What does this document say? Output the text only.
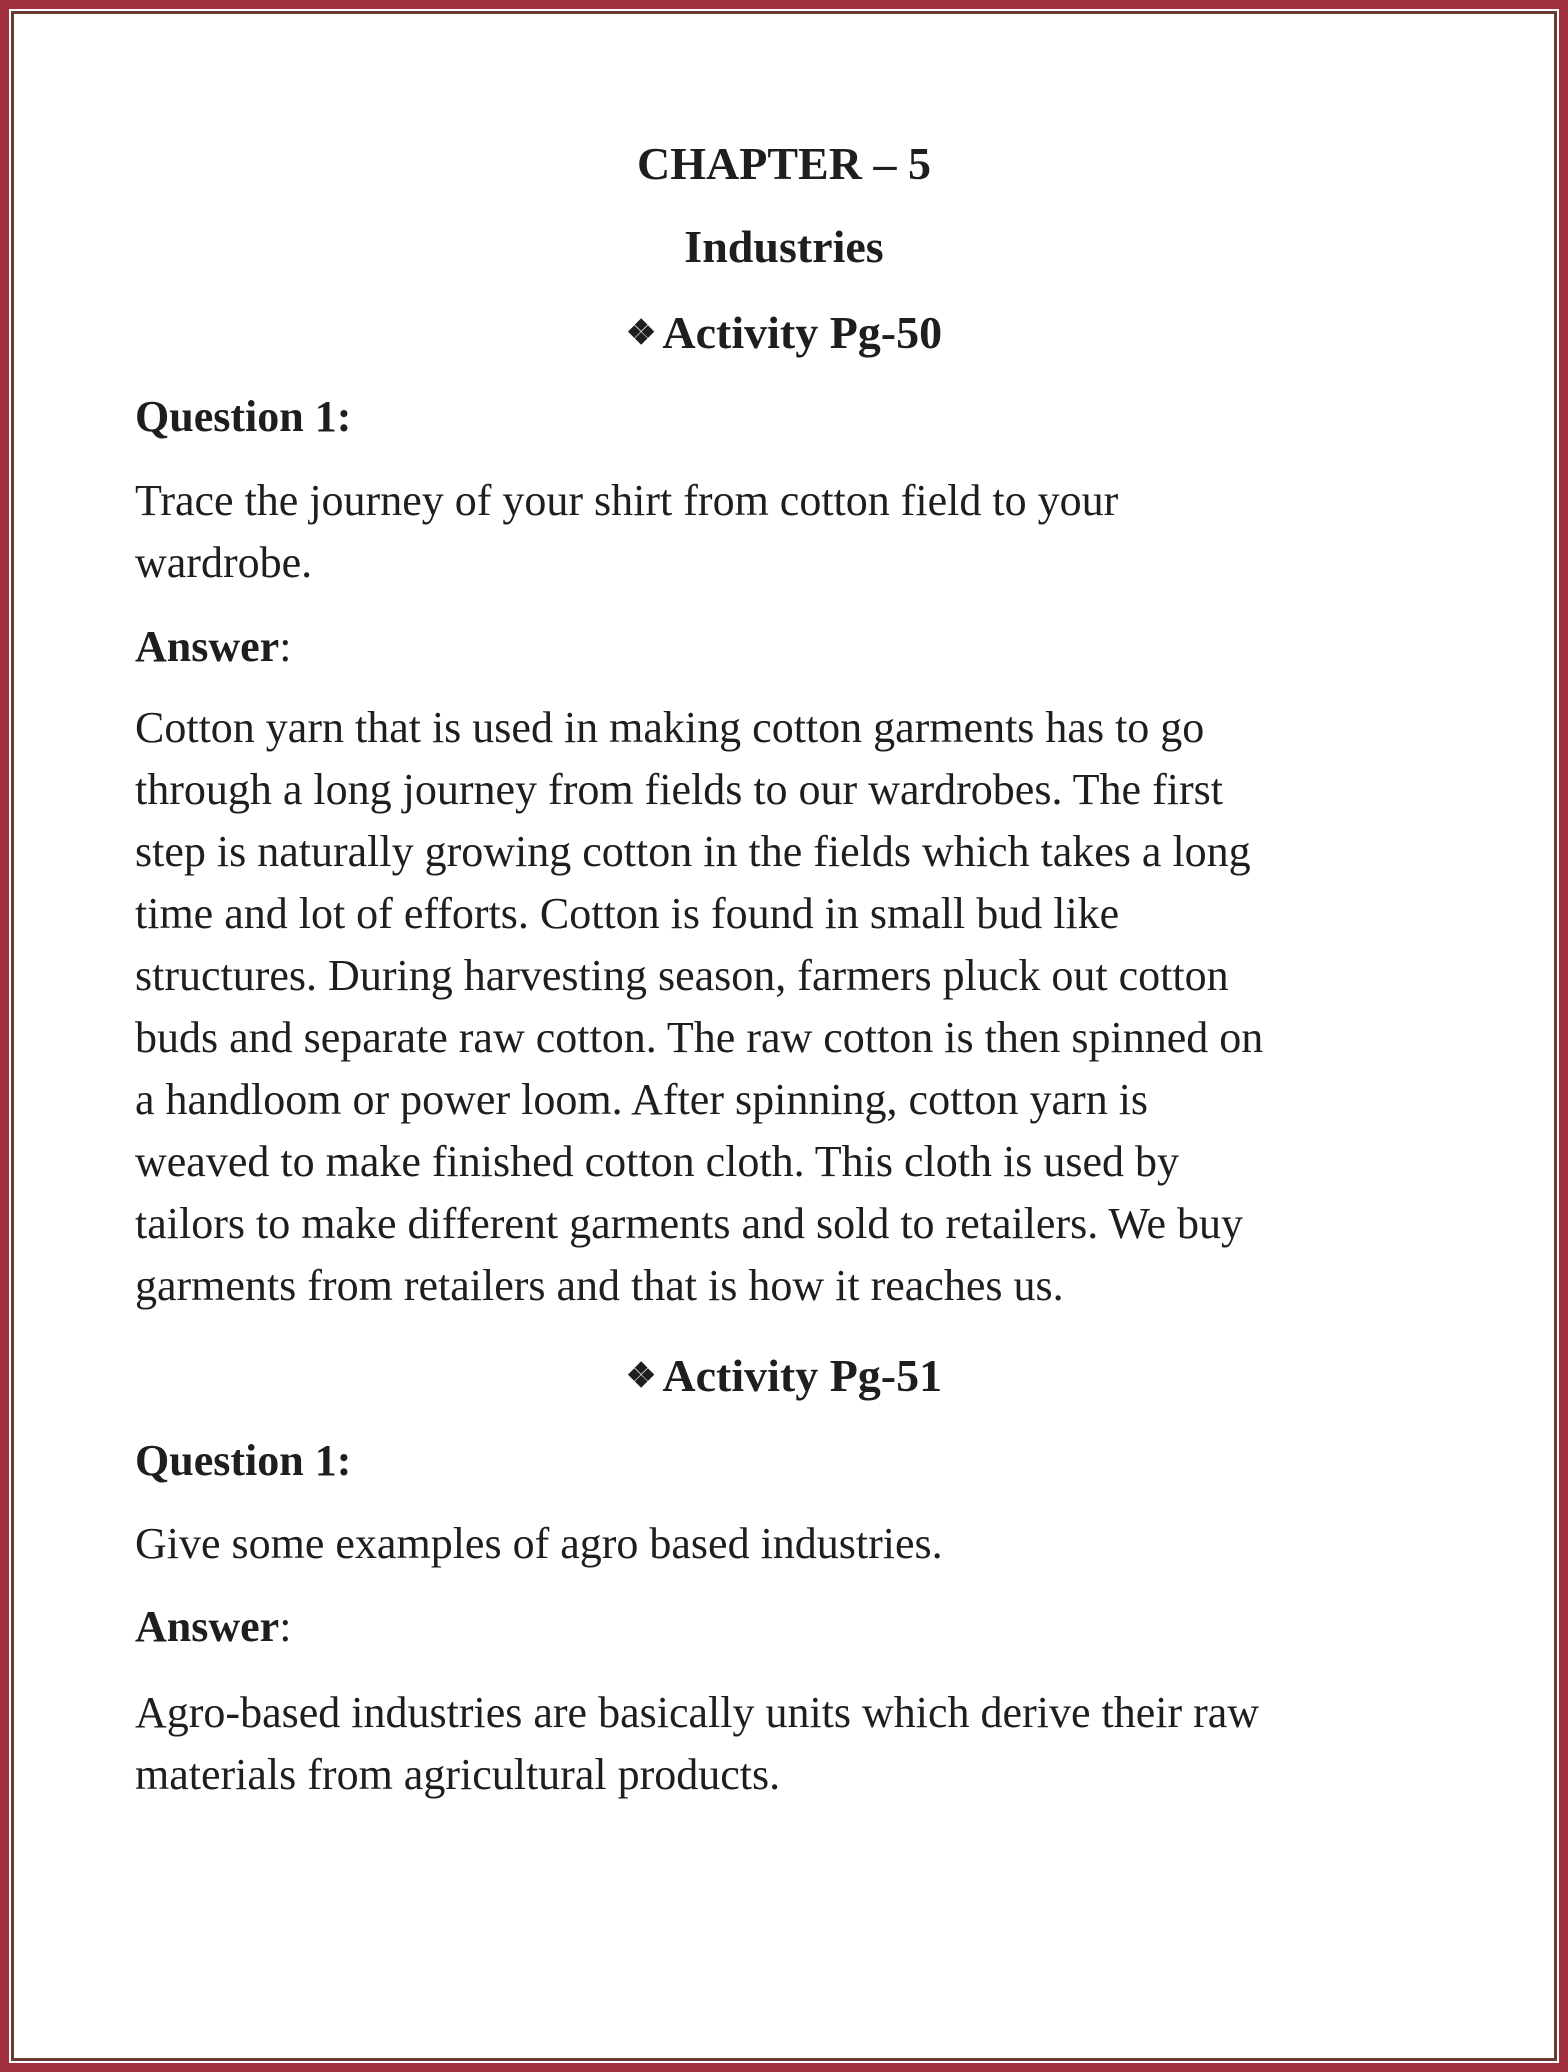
CHAPTER – 5
Industries
❖ Activity Pg-50
Question 1:
Trace the journey of your shirt from cotton field to your
wardrobe.
Answer:
Cotton yarn that is used in making cotton garments has to go
through a long journey from fields to our wardrobes. The first
step is naturally growing cotton in the fields which takes a long
time and lot of efforts. Cotton is found in small bud like
structures. During harvesting season, farmers pluck out cotton
buds and separate raw cotton. The raw cotton is then spinned on
a handloom or power loom. After spinning, cotton yarn is
weaved to make finished cotton cloth. This cloth is used by
tailors to make different garments and sold to retailers. We buy
garments from retailers and that is how it reaches us.
❖ Activity Pg-51
Question 1:
Give some examples of agro based industries.
Answer:
Agro-based industries are basically units which derive their raw
materials from agricultural products.
